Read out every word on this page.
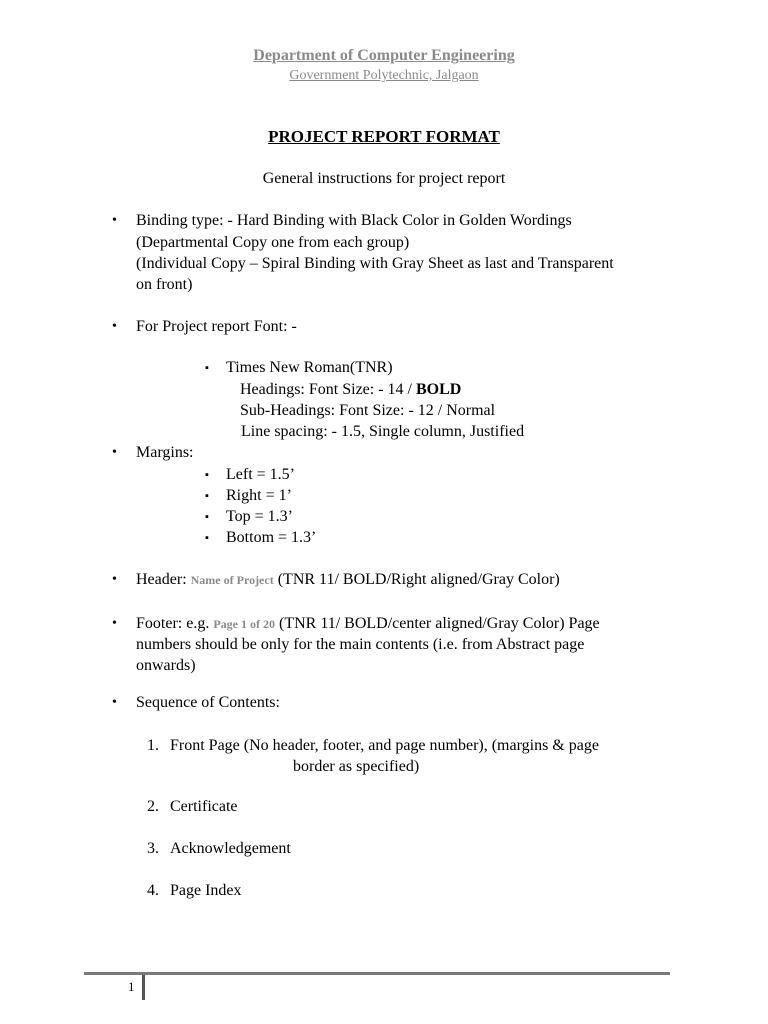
Department of Computer Engineering
Government Polytechnic, Jalgaon
PROJECT REPORT FORMAT
General instructions for project report
• Binding type: - Hard Binding with Black Color in Golden Wordings
(Departmental Copy one from each group)
(Individual Copy – Spiral Binding with Gray Sheet as last and Transparent
on front)
• For Project report Font: -
▪ Times New Roman(TNR)
Headings: Font Size: - 14 / BOLD
Sub-Headings: Font Size: - 12 / Normal
Line spacing: - 1.5, Single column, Justified
• Margins:
▪ Left = 1.5’
▪ Right = 1’
▪ Top = 1.3’
▪ Bottom = 1.3’
• Header: Name of Project (TNR 11/ BOLD/Right aligned/Gray Color)
• Footer: e.g. Page 1 of 20 (TNR 11/ BOLD/center aligned/Gray Color) Page
numbers should be only for the main contents (i.e. from Abstract page
onwards)
• Sequence of Contents:
1. Front Page (No header, footer, and page number), (margins & page
border as specified)
2. Certificate
3. Acknowledgement
4. Page Index
1
